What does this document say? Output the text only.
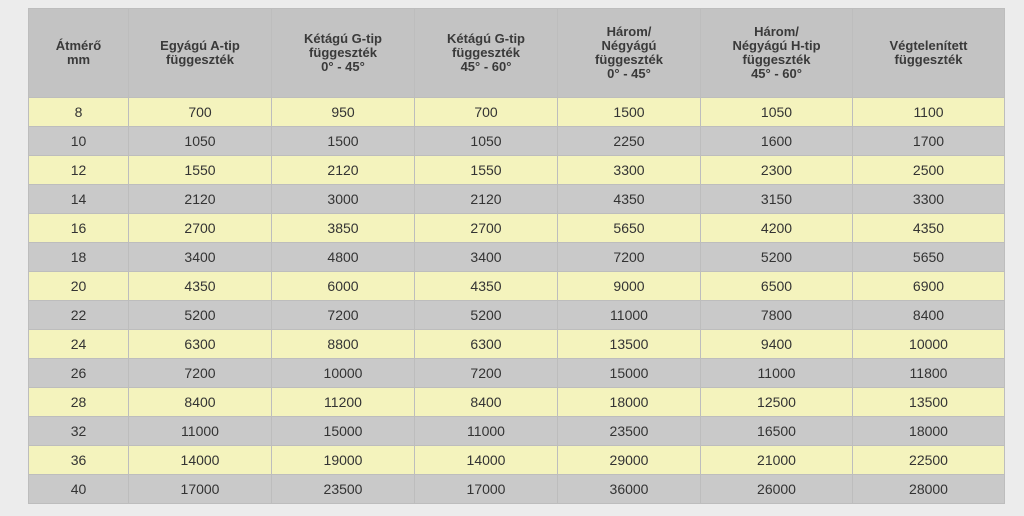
Átmérő
mm	Egyágú A-tip
függeszték	Kétágú G-tip
függeszték
0° - 45°	Kétágú G-tip
függeszték
45° - 60°	Három/
Négyágú
függeszték
0° - 45°	Három/
Négyágú H-tip
függeszték
45° - 60°	Végtelenített
függeszték
8	700	950	700	1500	1050	1100
10	1050	1500	1050	2250	1600	1700
12	1550	2120	1550	3300	2300	2500
14	2120	3000	2120	4350	3150	3300
16	2700	3850	2700	5650	4200	4350
18	3400	4800	3400	7200	5200	5650
20	4350	6000	4350	9000	6500	6900
22	5200	7200	5200	11000	7800	8400
24	6300	8800	6300	13500	9400	10000
26	7200	10000	7200	15000	11000	11800
28	8400	11200	8400	18000	12500	13500
32	11000	15000	11000	23500	16500	18000
36	14000	19000	14000	29000	21000	22500
40	17000	23500	17000	36000	26000	28000
